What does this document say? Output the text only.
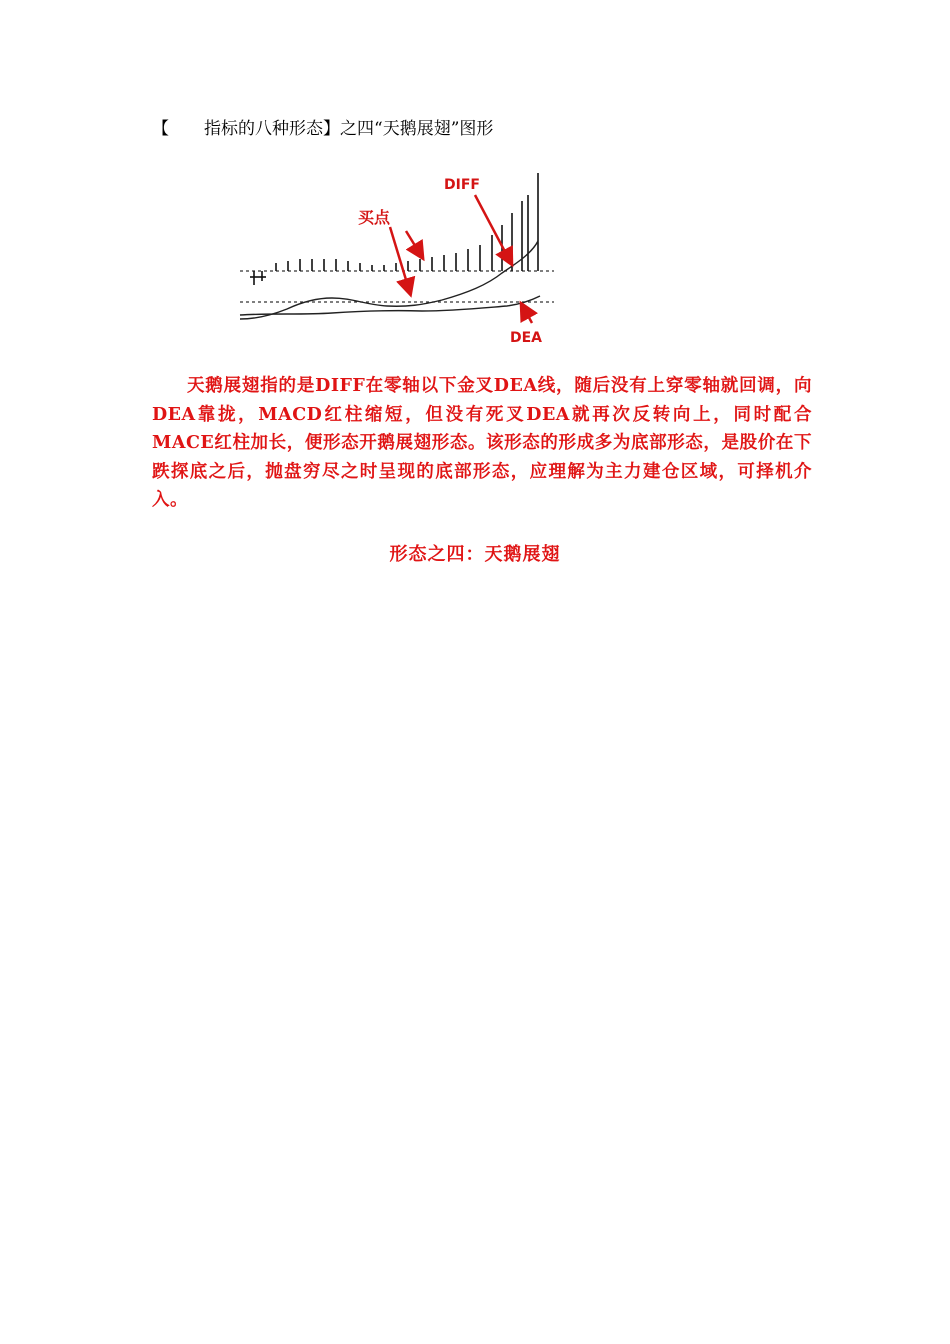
【 指标的八种形态】之四“天鹅展翅”图形
买点
DIFF
DEA
天鹅展翅指的是DIFF在零轴以下金叉DEA线，随后没有上穿零轴就回调，向DEA靠拢，MACD红柱缩短，但没有死叉DEA就再次反转向上，同时配合MACE红柱加长，便形态开鹅展翅形态。该形态的形成多为底部形态，是股价在下跌探底之后，抛盘穷尽之时呈现的底部形态，应理解为主力建仓区域，可择机介入。
形态之四：天鹅展翅
